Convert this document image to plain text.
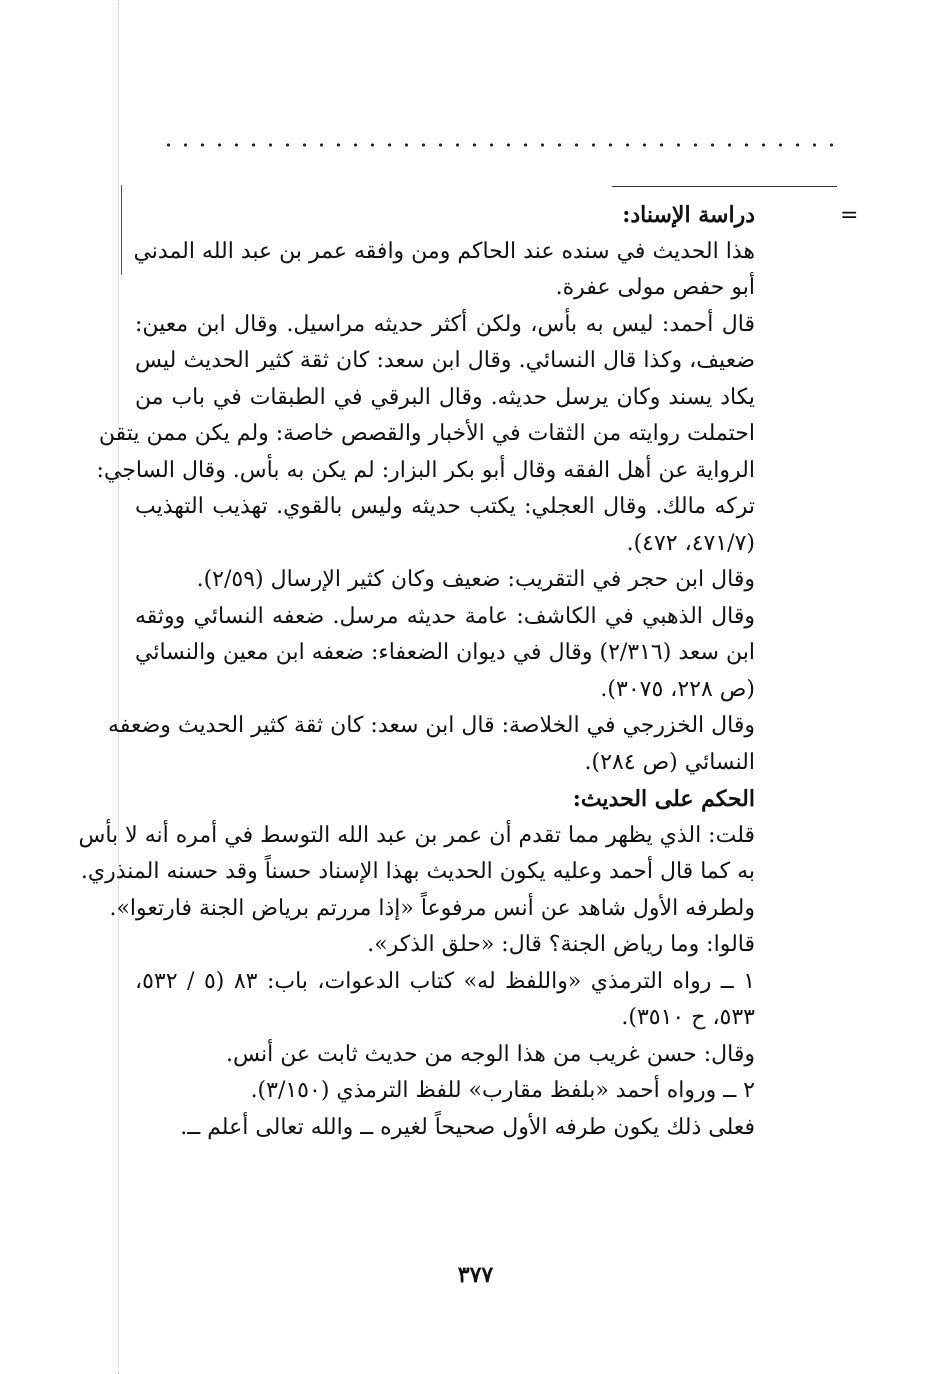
=
دراسة الإسناد:
هذا الحديث في سنده عند الحاكم ومن وافقه عمر بن عبد الله المدني
أبو حفص مولى عفرة.
قال أحمد: ليس به بأس، ولكن أكثر حديثه مراسيل. وقال ابن معين:
ضعيف، وكذا قال النسائي. وقال ابن سعد: كان ثقة كثير الحديث ليس
يكاد يسند وكان يرسل حديثه. وقال البرقي في الطبقات في باب من
احتملت روايته من الثقات في الأخبار والقصص خاصة: ولم يكن ممن يتقن
الرواية عن أهل الفقه وقال أبو بكر البزار: لم يكن به بأس. وقال الساجي:
تركه مالك. وقال العجلي: يكتب حديثه وليس بالقوي. تهذيب التهذيب
(٤٧١/٧، ٤٧٢).
وقال ابن حجر في التقريب: ضعيف وكان كثير الإرسال (٢/٥٩).
وقال الذهبي في الكاشف: عامة حديثه مرسل. ضعفه النسائي ووثقه
ابن سعد (٢/٣١٦) وقال في ديوان الضعفاء: ضعفه ابن معين والنسائي
(ص ٢٢٨، ٣٠٧٥).
وقال الخزرجي في الخلاصة: قال ابن سعد: كان ثقة كثير الحديث وضعفه
النسائي (ص ٢٨٤).
الحكم على الحديث:
قلت: الذي يظهر مما تقدم أن عمر بن عبد الله التوسط في أمره أنه لا بأس
به كما قال أحمد وعليه يكون الحديث بهذا الإسناد حسناً وقد حسنه المنذري.
ولطرفه الأول شاهد عن أنس مرفوعاً «إذا مررتم برياض الجنة فارتعوا».
قالوا: وما رياض الجنة؟ قال: «حلق الذكر».
١ ــ رواه الترمذي «واللفظ له» كتاب الدعوات، باب: ٨٣ (٥ / ٥٣٢،
٥٣٣، ح ٣٥١٠).
وقال: حسن غريب من هذا الوجه من حديث ثابت عن أنس.
٢ ــ ورواه أحمد «بلفظ مقارب» للفظ الترمذي (٣/١٥٠).
فعلى ذلك يكون طرفه الأول صحيحاً لغيره ــ والله تعالى أعلم ــ.
٣٧٧
